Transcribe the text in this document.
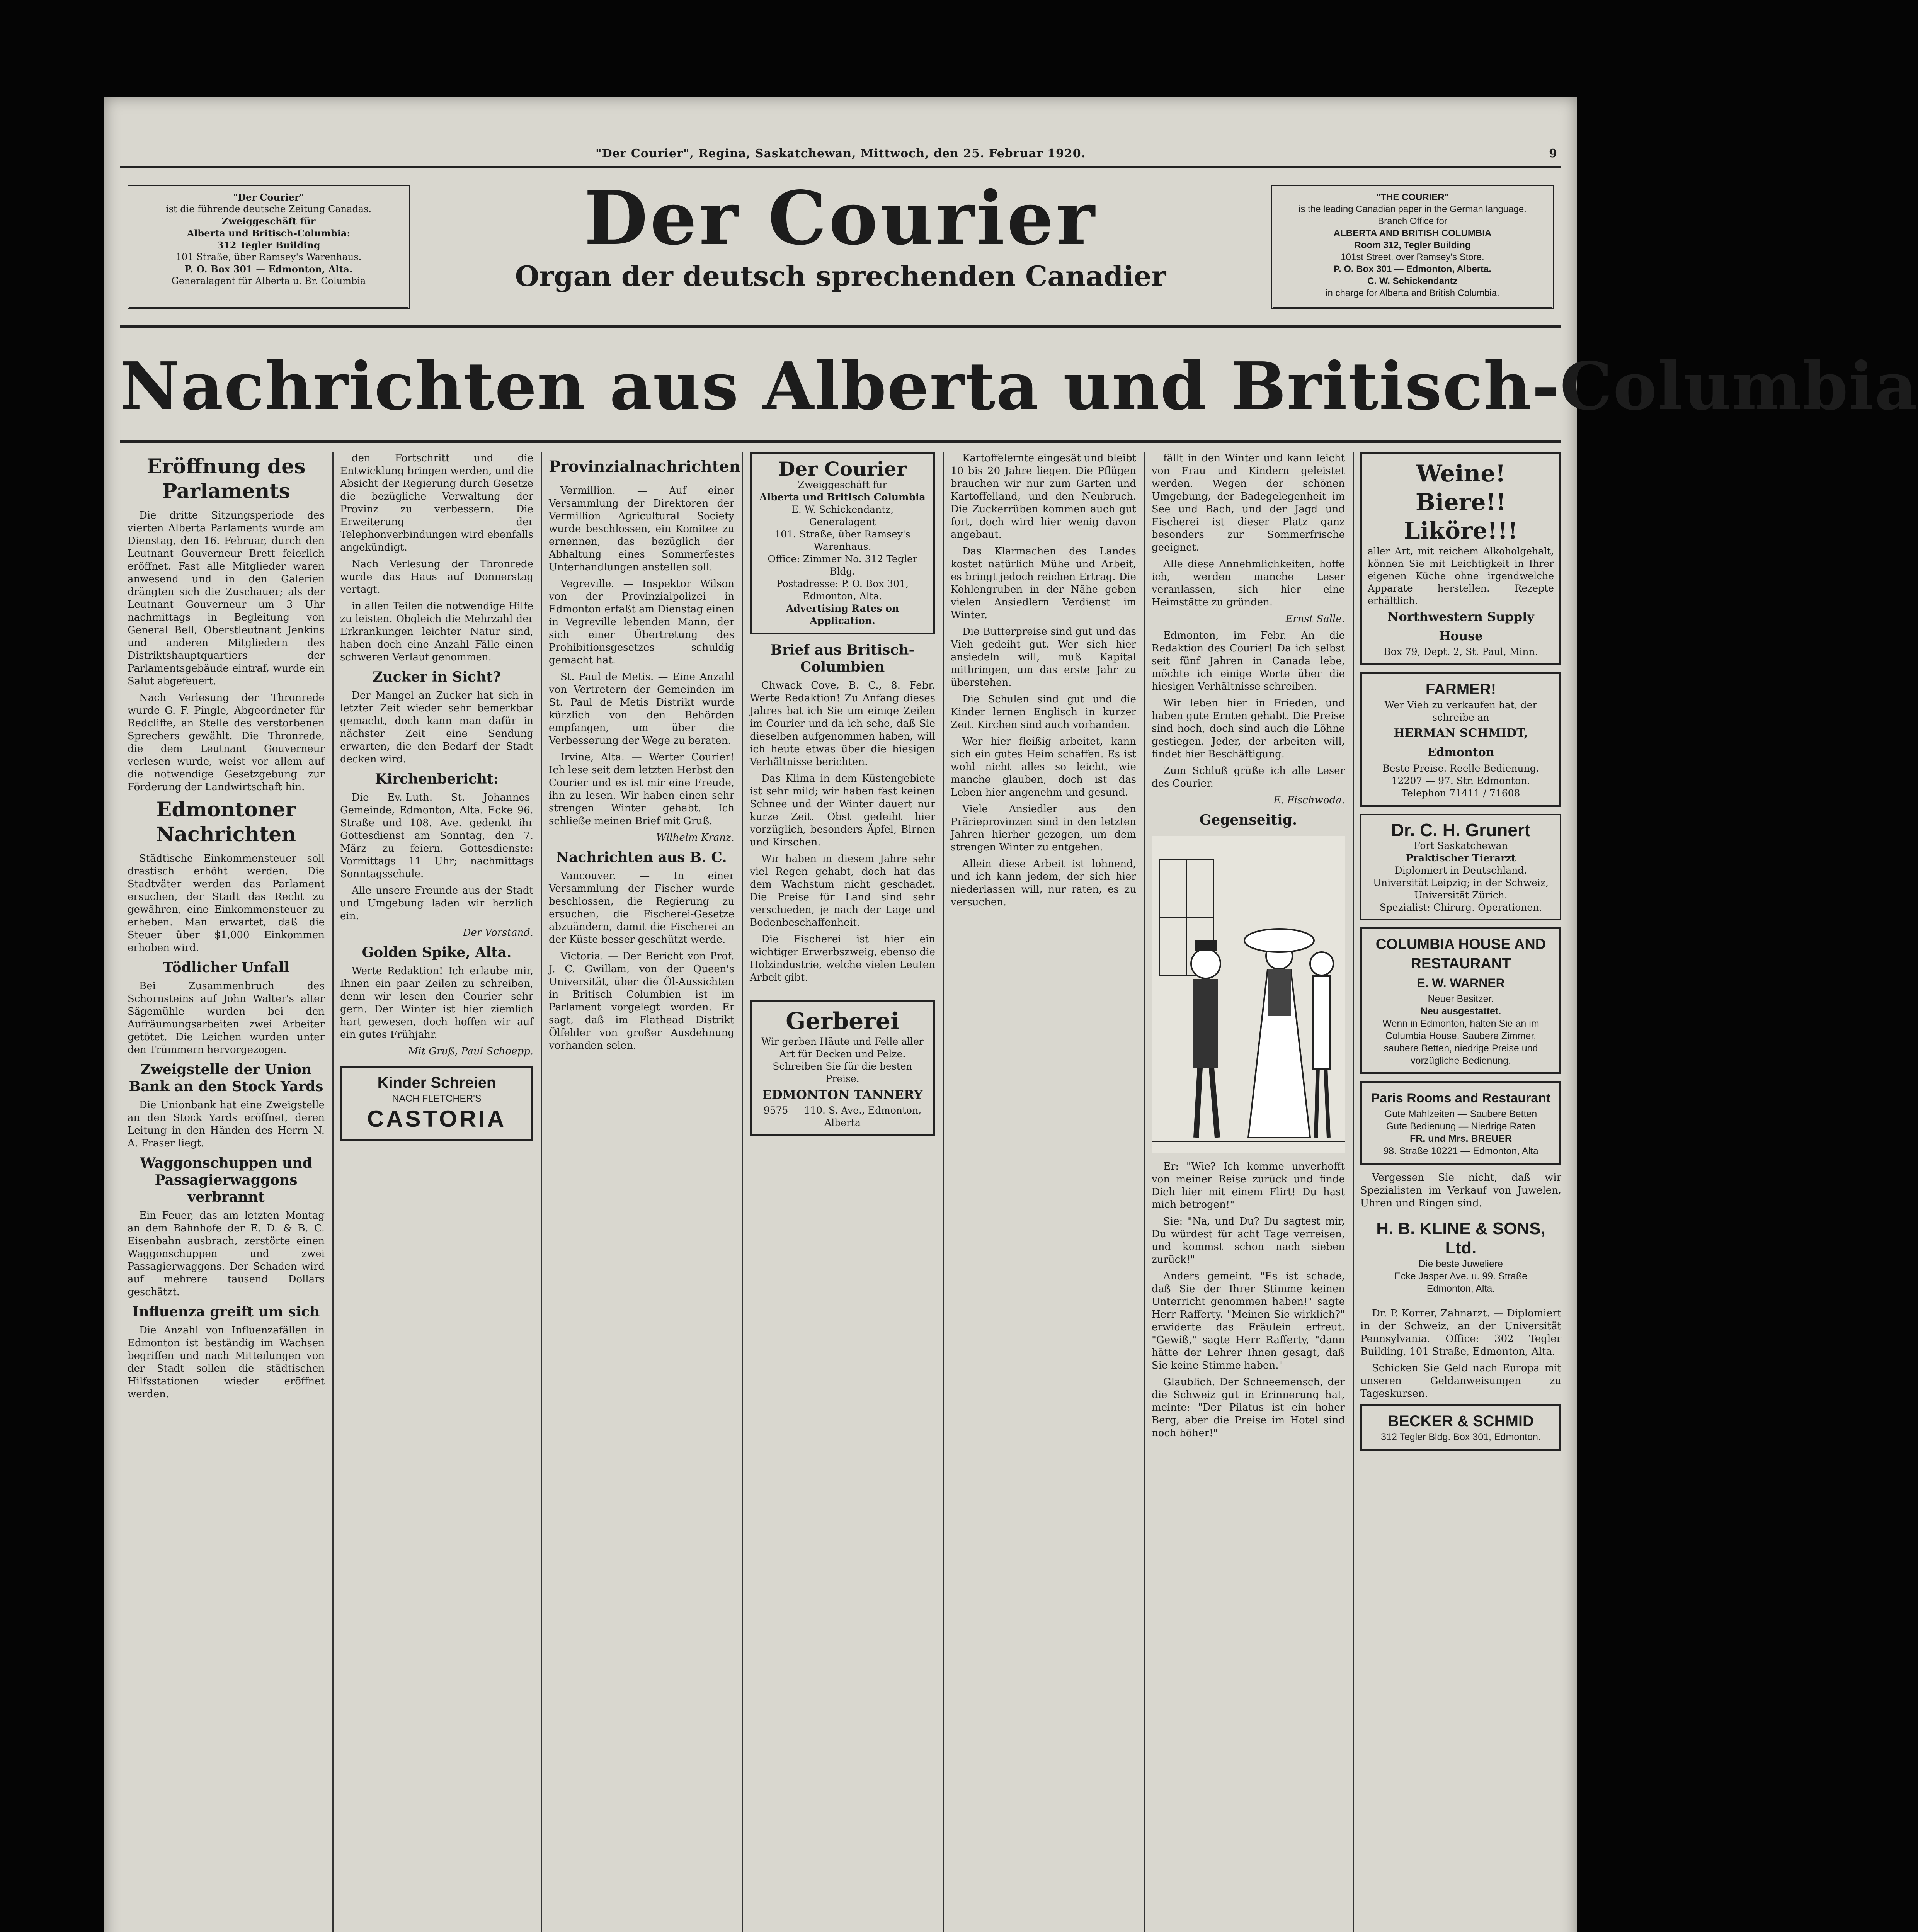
"Der Courier", Regina, Saskatchewan, Mittwoch, den 25. Februar 1920.	9

"Der Courier"

ist die führende deutsche Zeitung Canadas.

Zweiggeschäft für

Alberta und Britisch-Columbia:

312 Tegler Building

101 Straße, über Ramsey's Warenhaus.

P. O. Box 301 — Edmonton, Alta.

Generalagent für Alberta u. Br. Columbia

Der Courier
Organ der deutsch sprechenden Canadier

"THE COURIER"

is the leading Canadian paper in the German language.

Branch Office for

ALBERTA AND BRITISH COLUMBIA

Room 312, Tegler Building

101st Street, over Ramsey's Store.

P. O. Box 301 — Edmonton, Alberta.

C. W. Schickendantz

in charge for Alberta and British Columbia.

Nachrichten aus Alberta und Britisch-Columbia
Eröffnung des Parlaments

Die dritte Sitzungsperiode des vierten Alberta Parlaments wurde am Dienstag, den 16. Februar, durch den Leutnant Gouverneur Brett feierlich eröffnet. Fast alle Mitglieder waren anwesend und in den Galerien drängten sich die Zuschauer; als der Leutnant Gouverneur um 3 Uhr nachmittags in Begleitung von General Bell, Oberstleutnant Jenkins und anderen Mitgliedern des Distriktshauptquartiers der Parlamentsgebäude eintraf, wurde ein Salut abgefeuert.

Nach Verlesung der Thronrede wurde G. F. Pingle, Abgeordneter für Redcliffe, an Stelle des verstorbenen Sprechers gewählt. Die Thronrede, die dem Leutnant Gouverneur verlesen wurde, weist vor allem auf die notwendige Gesetzgebung zur Förderung der Landwirtschaft hin.

Edmontoner Nachrichten

Städtische Einkommensteuer soll drastisch erhöht werden. Die Stadtväter werden das Parlament ersuchen, der Stadt das Recht zu gewähren, eine Einkommensteuer zu erheben. Man erwartet, daß die Steuer über $1,000 Einkommen erhoben wird.

Tödlicher Unfall

Bei Zusammenbruch des Schornsteins auf John Walter's alter Sägemühle wurden bei den Aufräumungsarbeiten zwei Arbeiter getötet. Die Leichen wurden unter den Trümmern hervorgezogen.

Zweigstelle der Union Bank an den Stock Yards

Die Unionbank hat eine Zweigstelle an den Stock Yards eröffnet, deren Leitung in den Händen des Herrn N. A. Fraser liegt.

Waggonschuppen und Passagierwaggons verbrannt

Ein Feuer, das am letzten Montag an dem Bahnhofe der E. D. & B. C. Eisenbahn ausbrach, zerstörte einen Waggonschuppen und zwei Passagierwaggons. Der Schaden wird auf mehrere tausend Dollars geschätzt.

Influenza greift um sich

Die Anzahl von Influenzafällen in Edmonton ist beständig im Wachsen begriffen und nach Mitteilungen von der Stadt sollen die städtischen Hilfsstationen wieder eröffnet werden.

den Fortschritt und die Entwicklung bringen werden, und die Absicht der Regierung durch Gesetze die bezügliche Verwaltung der Provinz zu verbessern. Die Erweiterung der Telephonverbindungen wird ebenfalls angekündigt.

Nach Verlesung der Thronrede wurde das Haus auf Donnerstag vertagt.

in allen Teilen die notwendige Hilfe zu leisten. Obgleich die Mehrzahl der Erkrankungen leichter Natur sind, haben doch eine Anzahl Fälle einen schweren Verlauf genommen.

Zucker in Sicht?

Der Mangel an Zucker hat sich in letzter Zeit wieder sehr bemerkbar gemacht, doch kann man dafür in nächster Zeit eine Sendung erwarten, die den Bedarf der Stadt decken wird.

Kirchenbericht:

Die Ev.-Luth. St. Johannes-Gemeinde, Edmonton, Alta. Ecke 96. Straße und 108. Ave. gedenkt ihr Gottesdienst am Sonntag, den 7. März zu feiern. Gottesdienste: Vormittags 11 Uhr; nachmittags Sonntagsschule.

Alle unsere Freunde aus der Stadt und Umgebung laden wir herzlich ein.

Der Vorstand.

Golden Spike, Alta.

Werte Redaktion! Ich erlaube mir, Ihnen ein paar Zeilen zu schreiben, denn wir lesen den Courier sehr gern. Der Winter ist hier ziemlich hart gewesen, doch hoffen wir auf ein gutes Frühjahr.

Mit Gruß, Paul Schoepp.

Kinder Schreien
NACH FLETCHER'S
CASTORIA
Provinzialnachrichten

Vermillion. — Auf einer Versammlung der Direktoren der Vermillion Agricultural Society wurde beschlossen, ein Komitee zu ernennen, das bezüglich der Abhaltung eines Sommerfestes Unterhandlungen anstellen soll.

Vegreville. — Inspektor Wilson von der Provinzialpolizei in Edmonton erfaßt am Dienstag einen in Vegreville lebenden Mann, der sich einer Übertretung des Prohibitionsgesetzes schuldig gemacht hat.

St. Paul de Metis. — Eine Anzahl von Vertretern der Gemeinden im St. Paul de Metis Distrikt wurde kürzlich von den Behörden empfangen, um über die Verbesserung der Wege zu beraten.

Irvine, Alta. — Werter Courier! Ich lese seit dem letzten Herbst den Courier und es ist mir eine Freude, ihn zu lesen. Wir haben einen sehr strengen Winter gehabt. Ich schließe meinen Brief mit Gruß.

Wilhelm Kranz.

Nachrichten aus B. C.

Vancouver. — In einer Versammlung der Fischer wurde beschlossen, die Regierung zu ersuchen, die Fischerei-Gesetze abzuändern, damit die Fischerei an der Küste besser geschützt werde.

Victoria. — Der Bericht von Prof. J. C. Gwillam, von der Queen's Universität, über die Öl-Aussichten in Britisch Columbien ist im Parlament vorgelegt worden. Er sagt, daß im Flathead Distrikt Ölfelder von großer Ausdehnung vorhanden seien.

Der Courier
Zweiggeschäft für
Alberta und Britisch Columbia
E. W. Schickendantz, Generalagent
101. Straße, über Ramsey's Warenhaus.
Office: Zimmer No. 312 Tegler Bldg.
Postadresse: P. O. Box 301, Edmonton, Alta.
Advertising Rates on Application.
Brief aus Britisch-Columbien

Chwack Cove, B. C., 8. Febr. Werte Redaktion! Zu Anfang dieses Jahres bat ich Sie um einige Zeilen im Courier und da ich sehe, daß Sie dieselben aufgenommen haben, will ich heute etwas über die hiesigen Verhältnisse berichten.

Das Klima in dem Küstengebiete ist sehr mild; wir haben fast keinen Schnee und der Winter dauert nur kurze Zeit. Obst gedeiht hier vorzüglich, besonders Äpfel, Birnen und Kirschen.

Wir haben in diesem Jahre sehr viel Regen gehabt, doch hat das dem Wachstum nicht geschadet. Die Preise für Land sind sehr verschieden, je nach der Lage und Bodenbeschaffenheit.

Die Fischerei ist hier ein wichtiger Erwerbszweig, ebenso die Holzindustrie, welche vielen Leuten Arbeit gibt.

Gerberei
Wir gerben Häute und Felle aller Art für Decken und Pelze.
Schreiben Sie für die besten Preise.
EDMONTON TANNERY
9575 — 110. S. Ave., Edmonton, Alberta

Kartoffelernte eingesät und bleibt 10 bis 20 Jahre liegen. Die Pflügen brauchen wir nur zum Garten und Kartoffelland, und den Neubruch. Die Zuckerrüben kommen auch gut fort, doch wird hier wenig davon angebaut.

Das Klarmachen des Landes kostet natürlich Mühe und Arbeit, es bringt jedoch reichen Ertrag. Die Kohlengruben in der Nähe geben vielen Ansiedlern Verdienst im Winter.

Die Butterpreise sind gut und das Vieh gedeiht gut. Wer sich hier ansiedeln will, muß Kapital mitbringen, um das erste Jahr zu überstehen.

Die Schulen sind gut und die Kinder lernen Englisch in kurzer Zeit. Kirchen sind auch vorhanden.

Wer hier fleißig arbeitet, kann sich ein gutes Heim schaffen. Es ist wohl nicht alles so leicht, wie manche glauben, doch ist das Leben hier angenehm und gesund.

Viele Ansiedler aus den Prärieprovinzen sind in den letzten Jahren hierher gezogen, um dem strengen Winter zu entgehen.

Allein diese Arbeit ist lohnend, und ich kann jedem, der sich hier niederlassen will, nur raten, es zu versuchen.

fällt in den Winter und kann leicht von Frau und Kindern geleistet werden. Wegen der schönen Umgebung, der Badegelegenheit im See und Bach, und der Jagd und Fischerei ist dieser Platz ganz besonders zur Sommerfrische geeignet.

Alle diese Annehmlichkeiten, hoffe ich, werden manche Leser veranlassen, sich hier eine Heimstätte zu gründen.

Ernst Salle.

Edmonton, im Febr. An die Redaktion des Courier! Da ich selbst seit fünf Jahren in Canada lebe, möchte ich einige Worte über die hiesigen Verhältnisse schreiben.

Wir leben hier in Frieden, und haben gute Ernten gehabt. Die Preise sind hoch, doch sind auch die Löhne gestiegen. Jeder, der arbeiten will, findet hier Beschäftigung.

Zum Schluß grüße ich alle Leser des Courier.

E. Fischwoda.

Gegenseitig.

Er: "Wie? Ich komme unverhofft von meiner Reise zurück und finde Dich hier mit einem Flirt! Du hast mich betrogen!"

Sie: "Na, und Du? Du sagtest mir, Du würdest für acht Tage verreisen, und kommst schon nach sieben zurück!"

Anders gemeint. "Es ist schade, daß Sie der Ihrer Stimme keinen Unterricht genommen haben!" sagte Herr Rafferty. "Meinen Sie wirklich?" erwiderte das Fräulein erfreut. "Gewiß," sagte Herr Rafferty, "dann hätte der Lehrer Ihnen gesagt, daß Sie keine Stimme haben."

Glaublich. Der Schneemensch, der die Schweiz gut in Erinnerung hat, meinte: "Der Pilatus ist ein hoher Berg, aber die Preise im Hotel sind noch höher!"

Weine!
Biere!!
Liköre!!!
aller Art, mit reichem Alkoholgehalt, können Sie mit Leichtigkeit in Ihrer eigenen Küche ohne irgendwelche Apparate herstellen. Rezepte erhältlich.
Northwestern Supply House
Box 79, Dept. 2, St. Paul, Minn.
FARMER!
Wer Vieh zu verkaufen hat, der schreibe an
HERMAN SCHMIDT, Edmonton
Beste Preise. Reelle Bedienung.
12207 — 97. Str. Edmonton.
Telephon 71411 / 71608
Dr. C. H. Grunert
Fort Saskatchewan
Praktischer Tierarzt
Diplomiert in Deutschland. Universität Leipzig; in der Schweiz, Universität Zürich.
Spezialist: Chirurg. Operationen.
COLUMBIA HOUSE AND RESTAURANT
E. W. WARNER
Neuer Besitzer.
Neu ausgestattet.
Wenn in Edmonton, halten Sie an im Columbia House. Saubere Zimmer, saubere Betten, niedrige Preise und vorzügliche Bedienung.
Paris Rooms and Restaurant
Gute Mahlzeiten — Saubere Betten
Gute Bedienung — Niedrige Raten
FR. und Mrs. BREUER
98. Straße 10221 — Edmonton, Alta

Vergessen Sie nicht, daß wir Spezialisten im Verkauf von Juwelen, Uhren und Ringen sind.

H. B. KLINE & SONS, Ltd.
Die beste Juweliere
Ecke Jasper Ave. u. 99. Straße
Edmonton, Alta.

Dr. P. Korrer, Zahnarzt. — Diplomiert in der Schweiz, an der Universität Pennsylvania. Office: 302 Tegler Building, 101 Straße, Edmonton, Alta.

Schicken Sie Geld nach Europa mit unseren Geldanweisungen zu Tageskursen.

BECKER & SCHMID
312 Tegler Bldg. Box 301, Edmonton.
